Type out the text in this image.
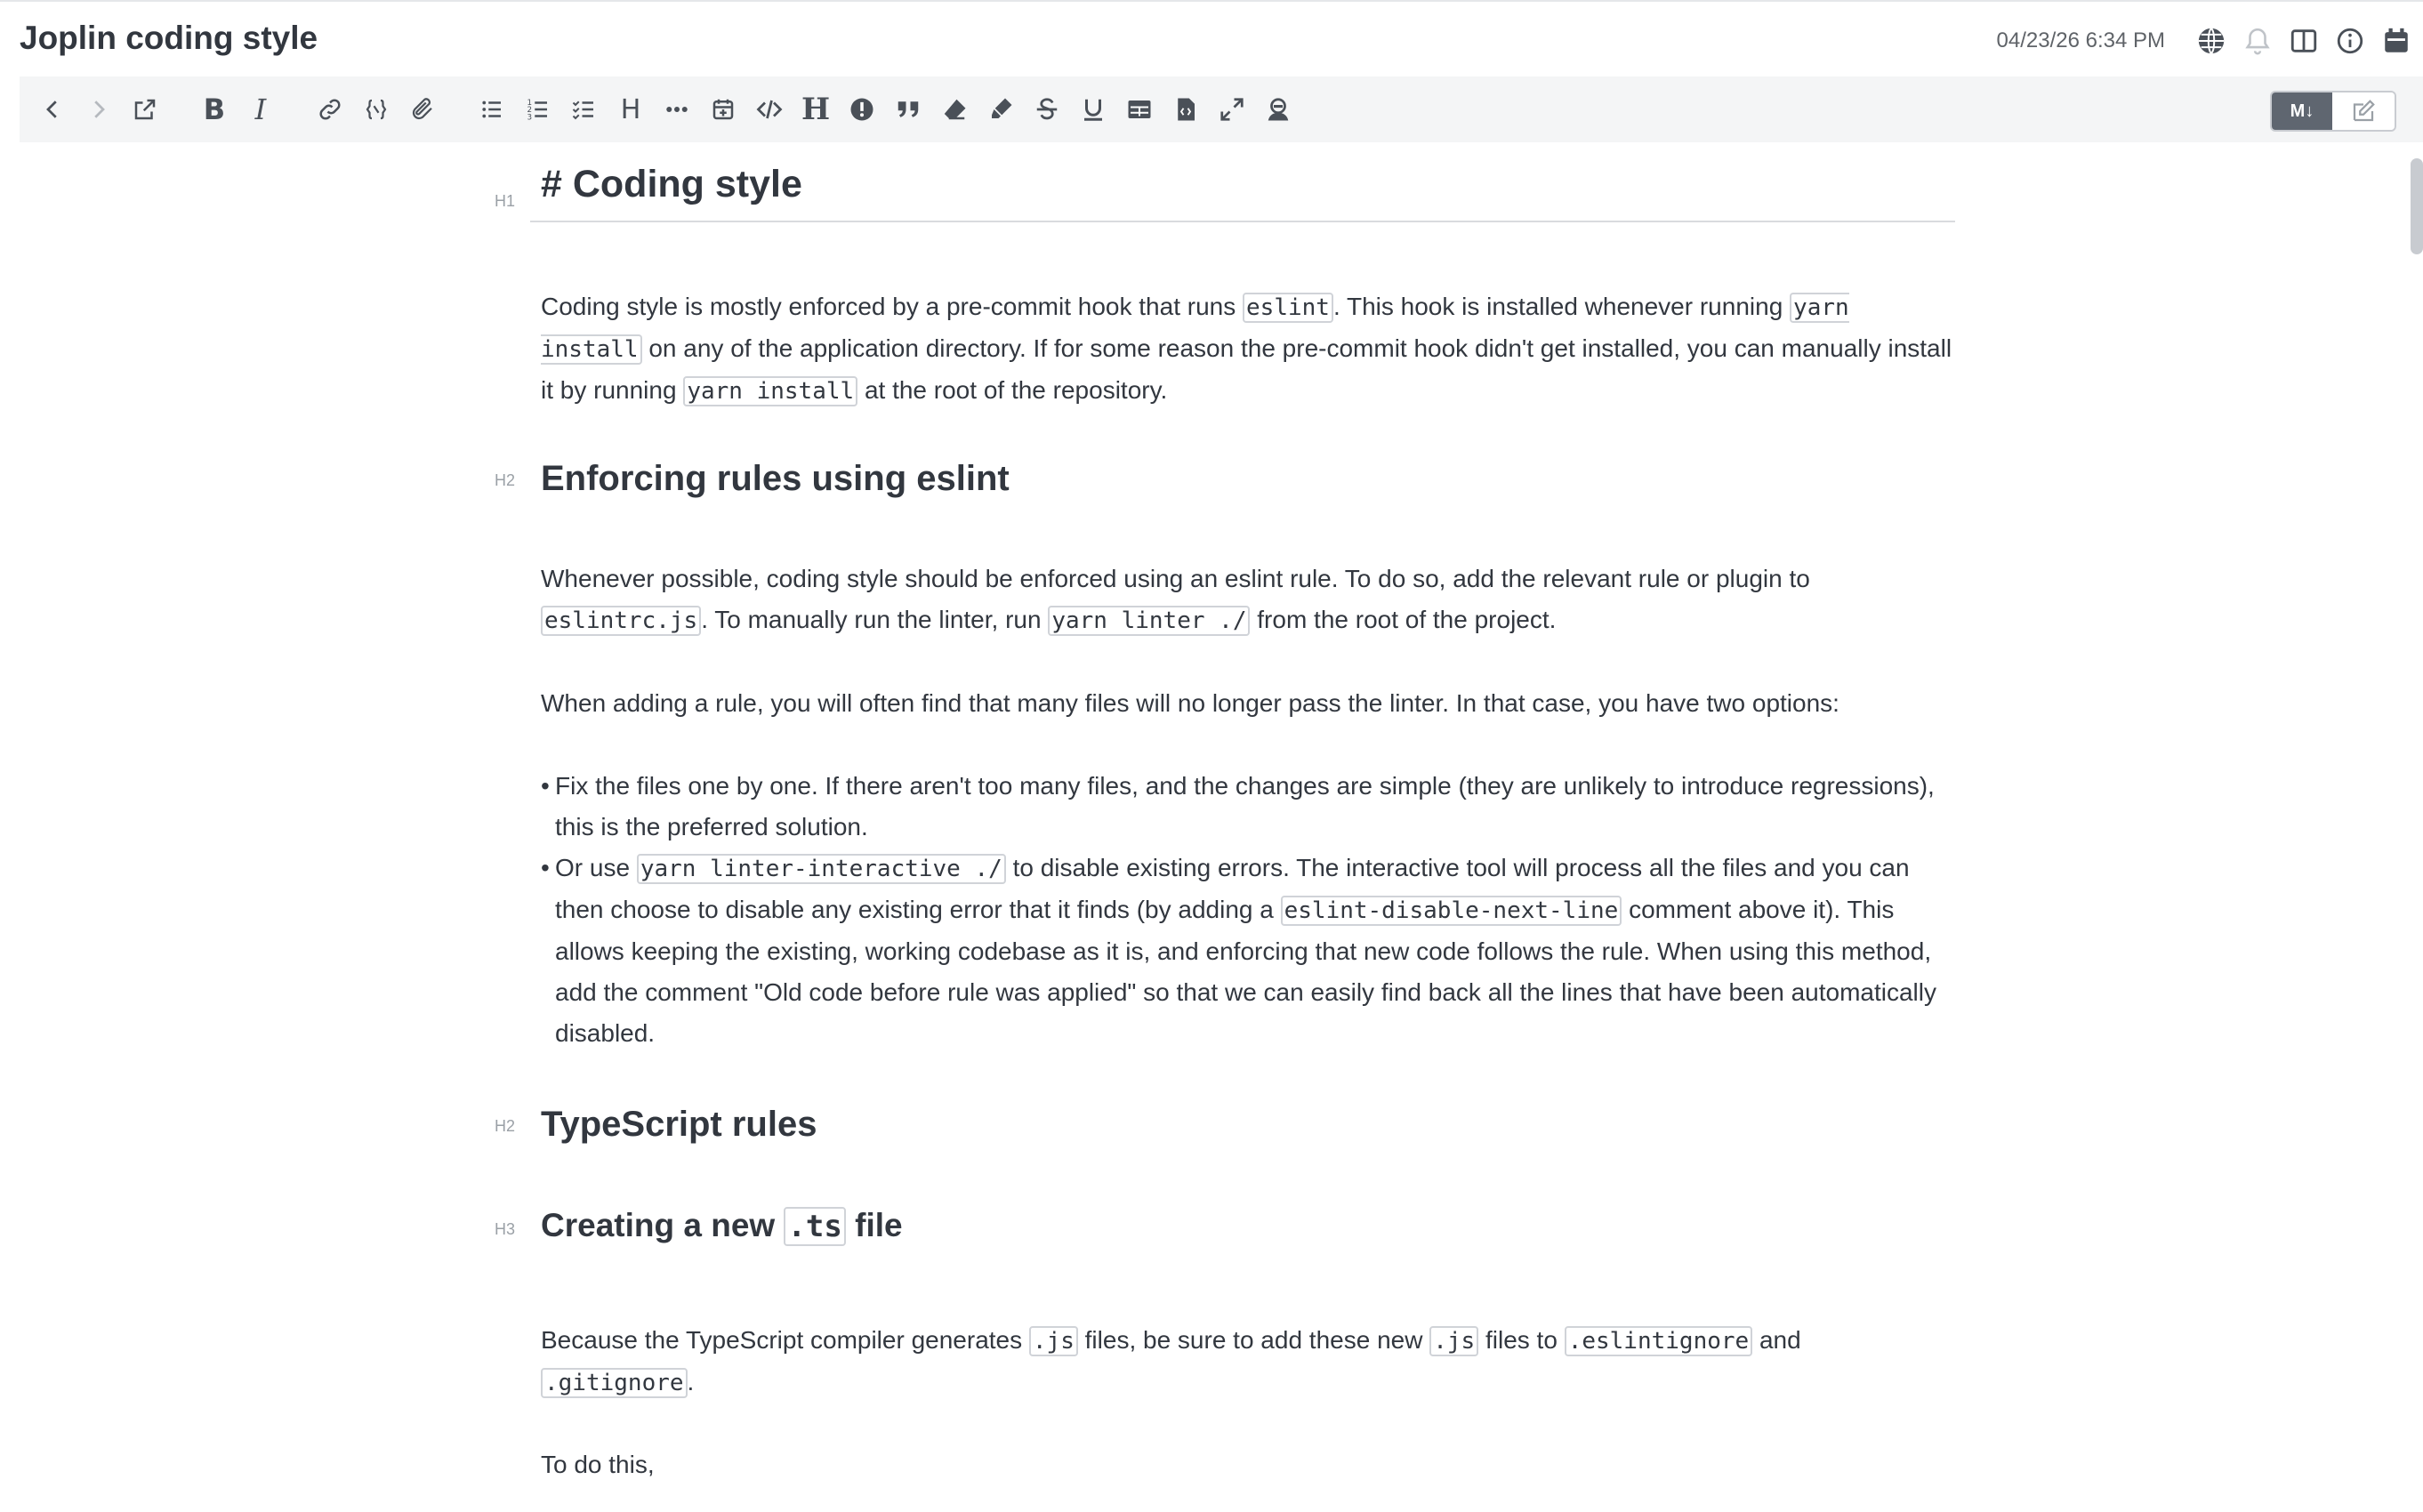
Joplin coding style	04/23/26 6:34 PM
B I	1
2
3	H	H	M↓
H1 # Coding style

Coding style is mostly enforced by a pre-commit hook that runs eslint . This hook is installed whenever running yarn install on any of the application directory. If for some reason the pre-commit hook didn't get installed, you can manually install it by running yarn install at the root of the repository.

H2 Enforcing rules using eslint

Whenever possible, coding style should be enforced using an eslint rule. To do so, add the relevant rule or plugin to eslintrc.js . To manually run the linter, run yarn linter ./ from the root of the project.

When adding a rule, you will often find that many files will no longer pass the linter. In that case, you have two options:

• Fix the files one by one. If there aren't too many files, and the changes are simple (they are unlikely to introduce regressions), this is the preferred solution.
• Or use yarn linter-interactive ./ to disable existing errors. The interactive tool will process all the files and you can then choose to disable any existing error that it finds (by adding a eslint-disable-next-line comment above it). This allows keeping the existing, working codebase as it is, and enforcing that new code follows the rule. When using this method, add the comment "Old code before rule was applied" so that we can easily find back all the lines that have been automatically disabled.
H2 TypeScript rules
H3 Creating a new .ts file

Because the TypeScript compiler generates .js files, be sure to add these new .js files to .eslintignore and .gitignore .

To do this,
